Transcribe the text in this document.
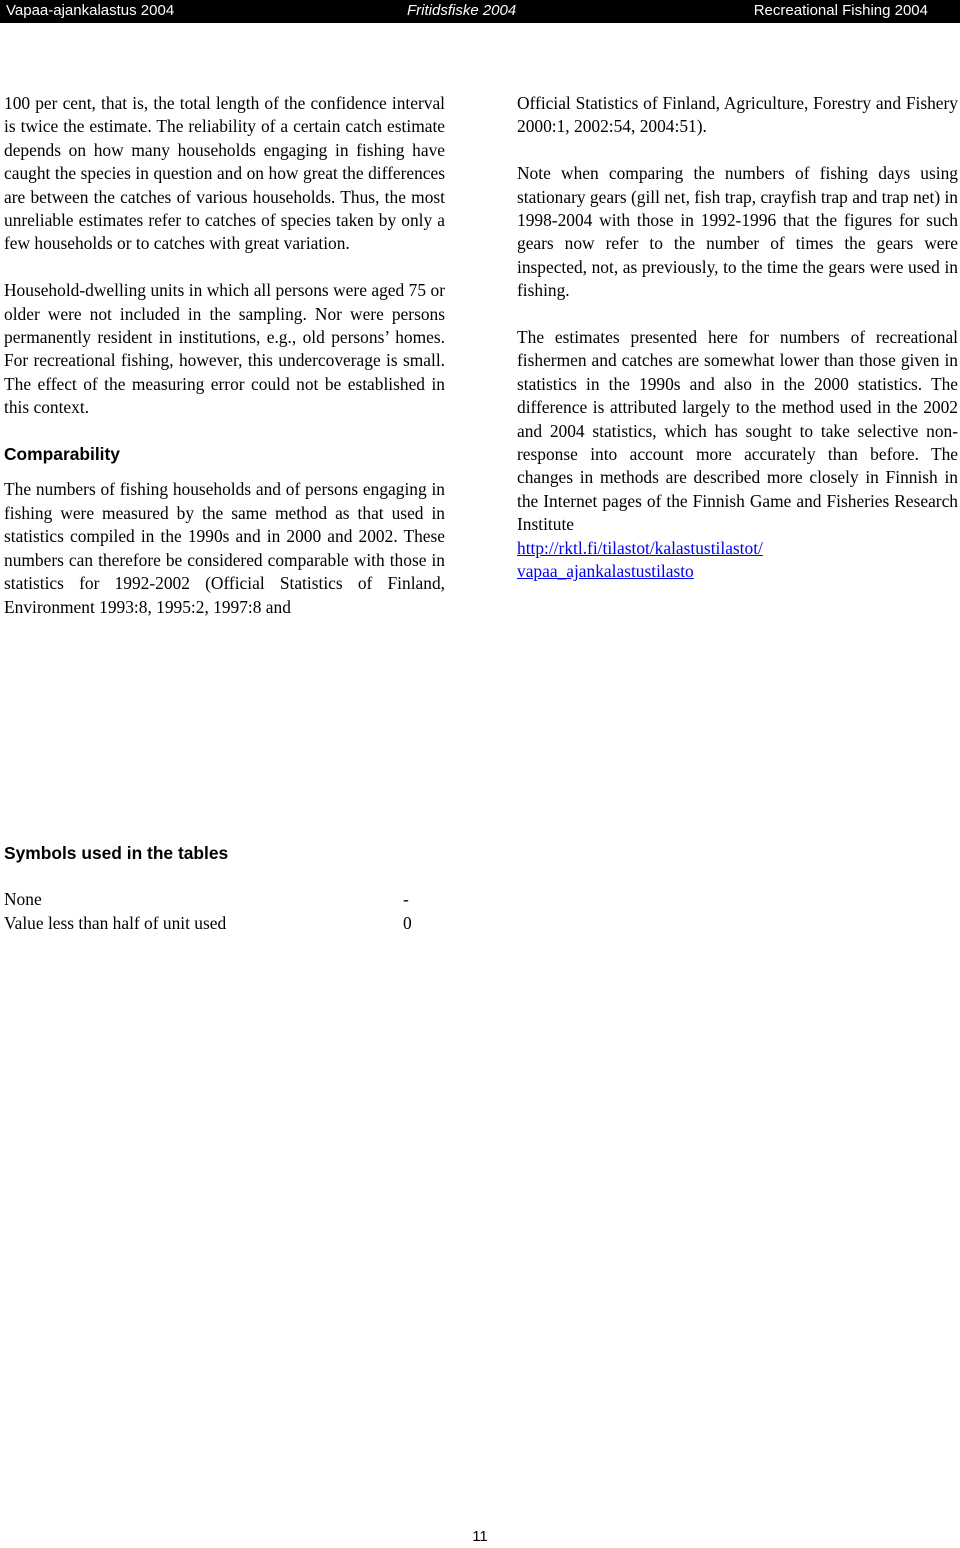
Vapaa-ajankalastus 2004	Fritidsfiske 2004	Recreational Fishing 2004

100 per cent, that is, the total length of the confidence interval is twice the estimate. The reliability of a certain catch estimate depends on how many households engaging in fishing have caught the species in question and on how great the differences are between the catches of various households. Thus, the most unreliable estimates refer to catches of species taken by only a few households or to catches with great variation.

Household-dwelling units in which all persons were aged 75 or older were not included in the sampling. Nor were persons permanently resident in institutions, e.g., old persons’ homes. For recreational fishing, however, this undercoverage is small. The effect of the measuring error could not be established in this context.

Comparability

The numbers of fishing households and of persons engaging in fishing were measured by the same method as that used in statistics compiled in the 1990s and in 2000 and 2002. These numbers can therefore be considered comparable with those in statistics for 1992-2002 (Official Statistics of Finland, Environment 1993:8, 1995:2, 1997:8 and

Official Statistics of Finland, Agriculture, Forestry and Fishery 2000:1, 2002:54, 2004:51).

Note when comparing the numbers of fishing days using stationary gears (gill net, fish trap, crayfish trap and trap net) in 1998-2004 with those in 1992-1996 that the figures for such gears now refer to the number of times the gears were inspected, not, as previously, to the time the gears were used in fishing.

The estimates presented here for numbers of recreational fishermen and catches are somewhat lower than those given in statistics in the 1990s and also in the 2000 statistics. The difference is attributed largely to the method used in the 2002 and 2004 statistics, which has sought to take selective non-response into account more accurately than before. The changes in methods are described more closely in Finnish in the Internet pages of the Finnish Game and Fisheries Research Institute

http://rktl.fi/tilastot/kalastustilastot/
vapaa_ajankalastustilasto
Symbols used in the tables
None	-
Value less than half of unit used	0
11
